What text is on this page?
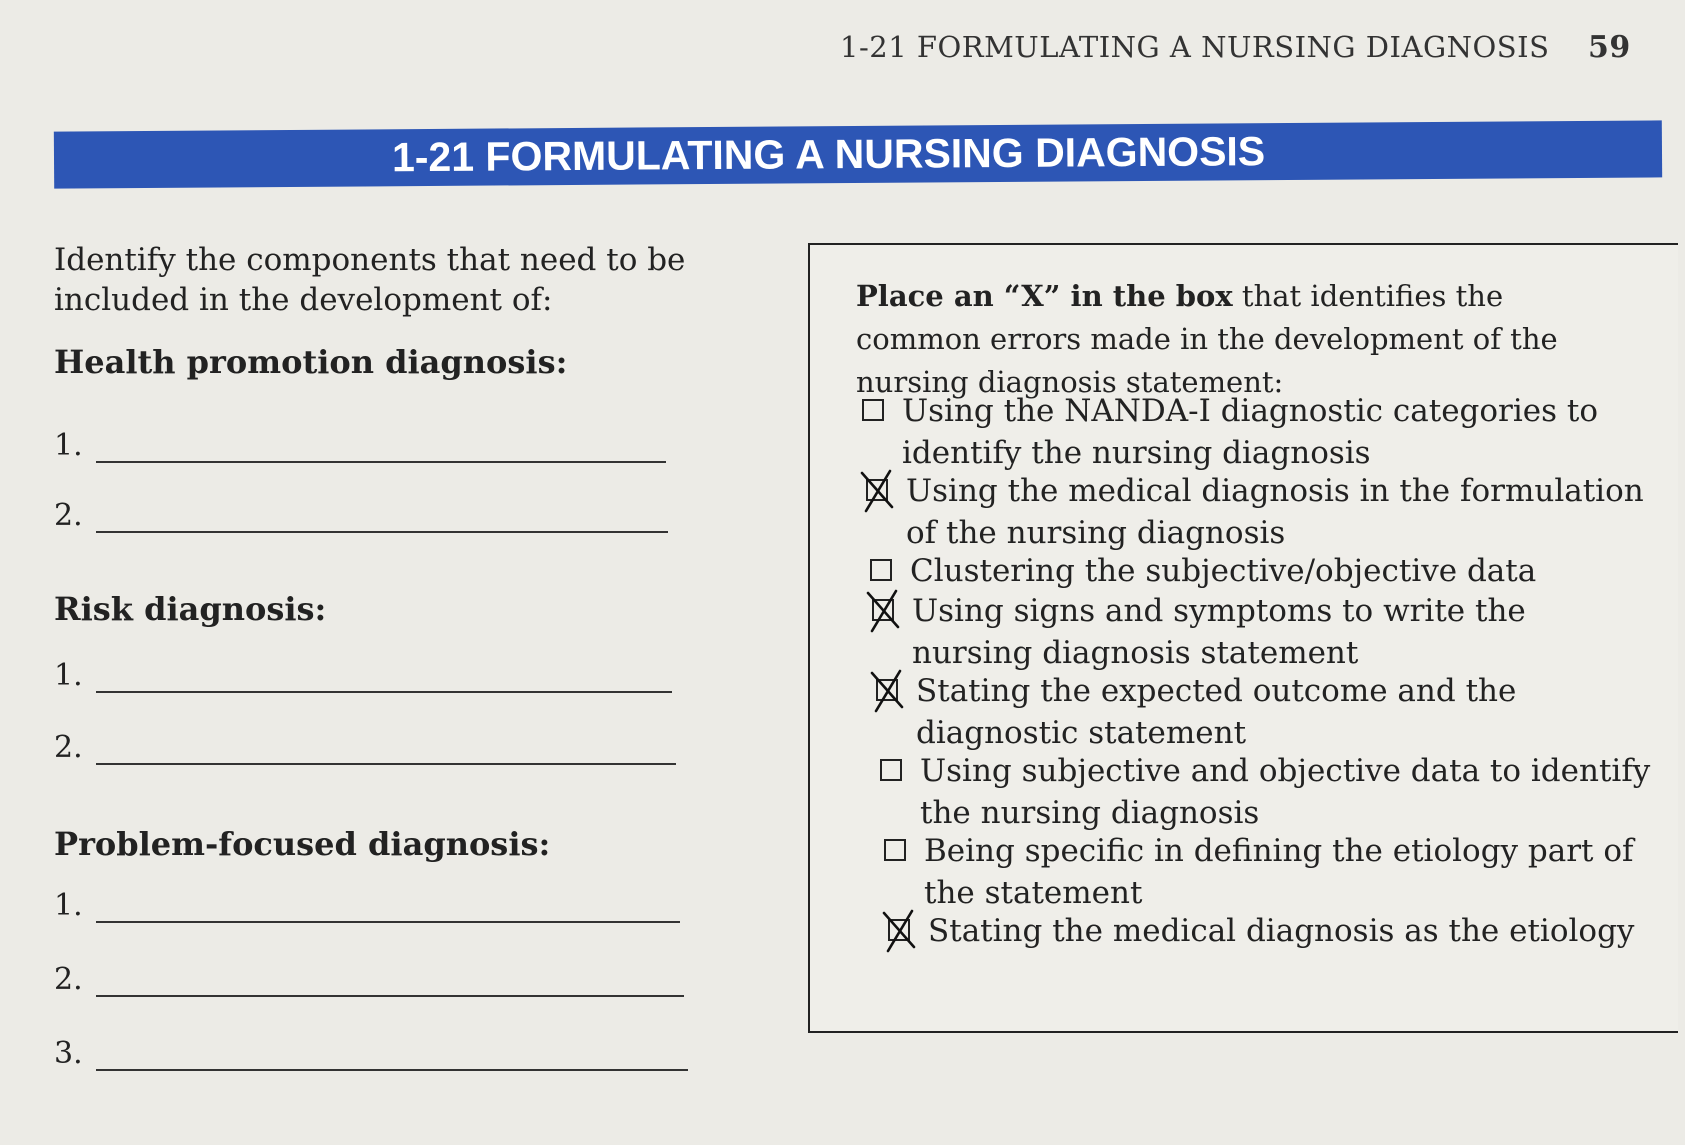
1-21 FORMULATING A NURSING DIAGNOSIS 59
1-21 FORMULATING A NURSING DIAGNOSIS

Identify the components that need to be included in the development of:

Health promotion diagnosis:

1.
2.

Risk diagnosis:

1.
2.

Problem-focused diagnosis:

1.
2.
3.

Place an “X” in the box that identifies the common errors made in the development of the nursing diagnosis statement:

Using the NANDA-I diagnostic categories to identify the nursing diagnosis
Using the medical diagnosis in the formulation of the nursing diagnosis
Clustering the subjective/objective data
Using signs and symptoms to write the nursing diagnosis statement
Stating the expected outcome and the diagnostic statement
Using subjective and objective data to identify the nursing diagnosis
Being specific in defining the etiology part of the statement
Stating the medical diagnosis as the etiology
